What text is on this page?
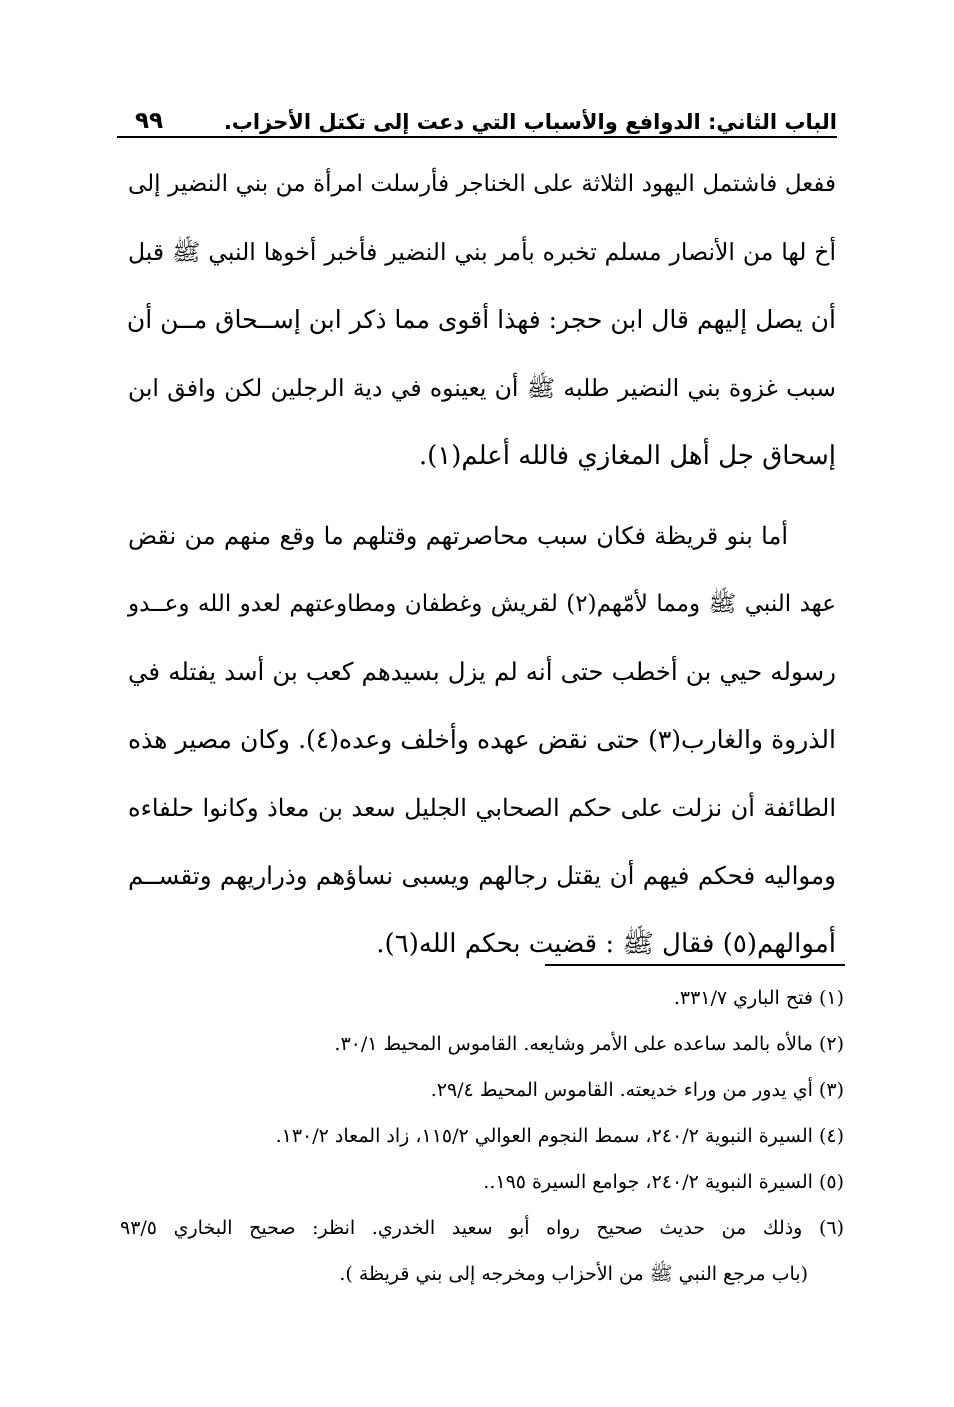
الباب الثاني: الدوافع والأسباب التي دعت إلى تكتل الأحزاب.
٩٩
ففعل فاشتمل اليهود الثلاثة على الخناجر فأرسلت امرأة من بني النضير إلى
أخ لها من الأنصار مسلم تخبره بأمر بني النضير فأخبر أخوها النبي ﷺ قبل
أن يصل إليهم قال ابن حجر: فهذا أقوى مما ذكر ابن إســحاق مــن أن
سبب غزوة بني النضير طلبه ﷺ أن يعينوه في دية الرجلين لكن وافق ابن
إسحاق جل أهل المغازي فالله أعلم(١).
أما بنو قريظة فكان سبب محاصرتهم وقتلهم ما وقع منهم من نقض
عهد النبي ﷺ ومما لأمّهم(٢) لقريش وغطفان ومطاوعتهم لعدو الله وعــدو
رسوله حيي بن أخطب حتى أنه لم يزل بسيدهم كعب بن أسد يفتله في
الذروة والغارب(٣) حتى نقض عهده وأخلف وعده(٤). وكان مصير هذه
الطائفة أن نزلت على حكم الصحابي الجليل سعد بن معاذ وكانوا حلفاءه
ومواليه فحكم فيهم أن يقتل رجالهم ويسبى نساؤهم وذراريهم وتقســم
أموالهم(٥) فقال ﷺ : قضيت بحكم الله(٦).
(١) فتح الباري ٣٣١/٧.
(٢) مالأه بالمد ساعده على الأمر وشايعه. القاموس المحيط ٣٠/١.
(٣) أي يدور من وراء خديعته. القاموس المحيط ٢٩/٤.
(٤) السيرة النبوية ٢٤٠/٢، سمط النجوم العوالي ١١٥/٢، زاد المعاد ١٣٠/٢.
(٥) السيرة النبوية ٢٤٠/٢، جوامع السيرة ١٩٥..
(٦) وذلك من حديث صحيح رواه أبو سعيد الخدري. انظر: صحيح البخاري ٩٣/٥
(باب مرجع النبي ﷺ من الأحزاب ومخرجه إلى بني قريظة ).
